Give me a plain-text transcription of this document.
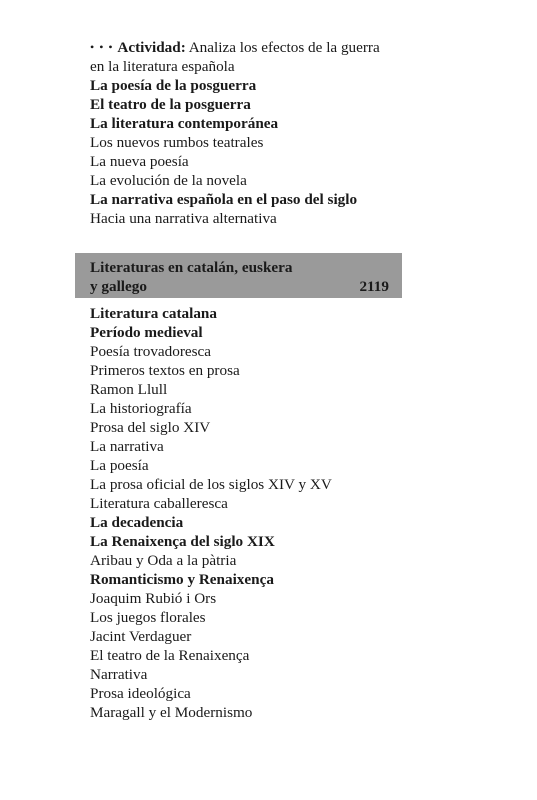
• • • Actividad: Analiza los efectos de la guerra
en la literatura española
La poesía de la posguerra
El teatro de la posguerra
La literatura contemporánea
Los nuevos rumbos teatrales
La nueva poesía
La evolución de la novela
La narrativa española en el paso del siglo
Hacia una narrativa alternativa
Literaturas en catalán, euskera
y gallego	2119
Literatura catalana
Período medieval
Poesía trovadoresca
Primeros textos en prosa
Ramon Llull
La historiografía
Prosa del siglo XIV
La narrativa
La poesía
La prosa oficial de los siglos XIV y XV
Literatura caballeresca
La decadencia
La Renaixença del siglo XIX
Aribau y Oda a la pàtria
Romanticismo y Renaixença
Joaquim Rubió i Ors
Los juegos florales
Jacint Verdaguer
El teatro de la Renaixença
Narrativa
Prosa ideológica
Maragall y el Modernismo
